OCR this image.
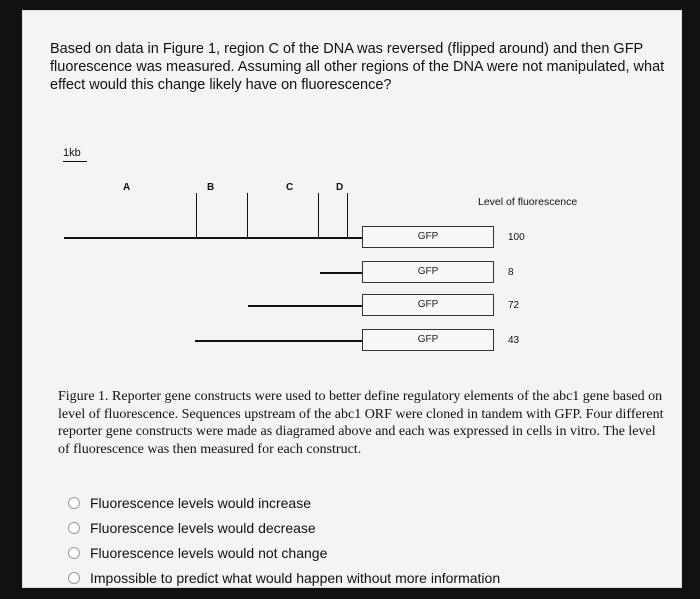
Based on data in Figure 1, region C of the DNA was reversed (flipped around) and then GFP fluorescence was measured. Assuming all other regions of the DNA were not manipulated, what effect would this change likely have on fluorescence?
1kb
A	B	C	D
Level of fluorescence
GFP	100
GFP	8
GFP	72
GFP	43
Figure 1. Reporter gene constructs were used to better define regulatory elements of the abc1 gene based on level of fluorescence. Sequences upstream of the abc1 ORF were cloned in tandem with GFP. Four different reporter gene constructs were made as diagramed above and each was expressed in cells in vitro. The level of fluorescence was then measured for each construct.
Fluorescence levels would increase
Fluorescence levels would decrease
Fluorescence levels would not change
Impossible to predict what would happen without more information
